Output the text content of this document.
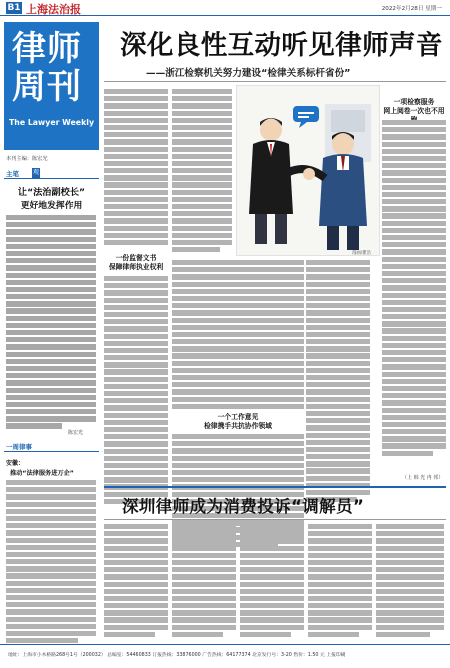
B1 上海法治报	2022年2月28日 星期一
律师周刊
The Lawyer Weekly
本刊主编：陈宏光
主笔 观
让“法治副校长”
更好地发挥作用
陈宏光
一周律事
安徽：
推动“法律服务进万企”
深化良性互动听见律师声音
——浙江检察机关努力建设“检律关系标杆省份”
一份监督文书
保障律师执业权利
一个工作意见
检律携手共抗协作领域
漫画/瞿浩
一项检察服务
网上阅卷一次也不用
（上 韩 光 冉 邦）
深圳律师成为消费投诉“调解员”
地址：上海市小木桥路268号1号（200032） 总编室：54460833 订报热线：33876000 广告热线：64177374 北京发行号：3-20 售价：1.50 元 上报印刷
